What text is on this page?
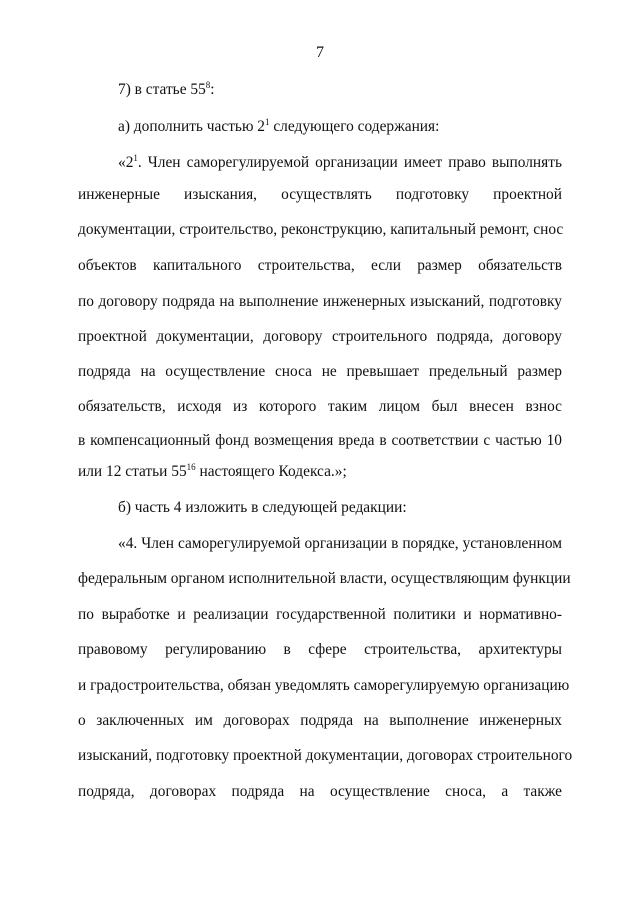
7
7) в статье $55^8$:
а) дополнить частью $2^1$ следующего содержания:
«$2^1$. Член саморегулируемой организации имеет право выполнять
инженерные изыскания, осуществлять подготовку проектной
документации, строительство, реконструкцию, капитальный ремонт, снос
объектов капитального строительства, если размер обязательств
по договору подряда на выполнение инженерных изысканий, подготовку
проектной документации, договору строительного подряда, договору
подряда на осуществление сноса не превышает предельный размер
обязательств, исходя из которого таким лицом был внесен взнос
в компенсационный фонд возмещения вреда в соответствии с частью 10
или 12 статьи $55^{16}$ настоящего Кодекса.»;
б) часть 4 изложить в следующей редакции:
«4. Член саморегулируемой организации в порядке, установленном
федеральным органом исполнительной власти, осуществляющим функции
по выработке и реализации государственной политики и нормативно-
правовому регулированию в сфере строительства, архитектуры
и градостроительства, обязан уведомлять саморегулируемую организацию
о заключенных им договорах подряда на выполнение инженерных
изысканий, подготовку проектной документации, договорах строительного
подряда, договорах подряда на осуществление сноса, а также
